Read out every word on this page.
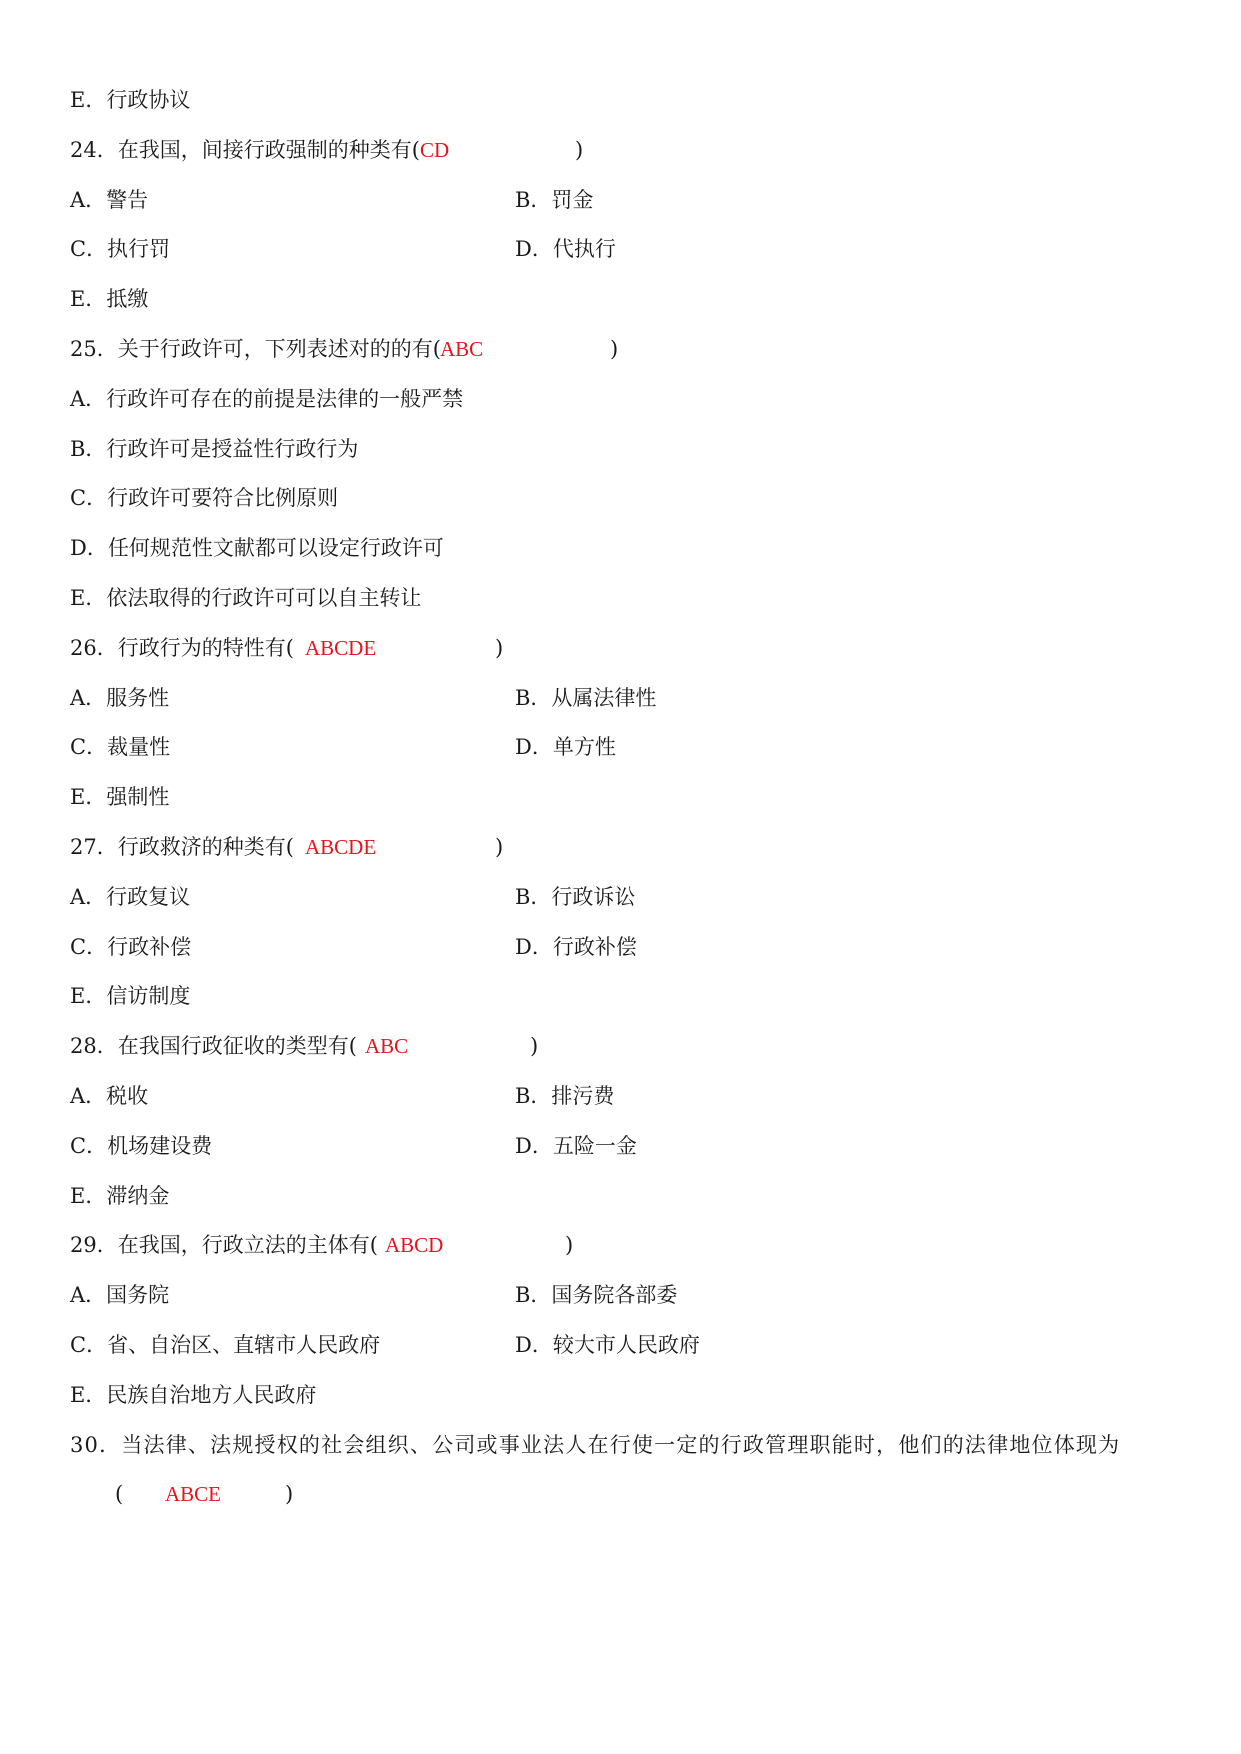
E．行政协议
24．在我国，间接行政强制的种类有( CD	)
A．警告	B．罚金
C．执行罚	D．代执行
E．抵缴
25．关于行政许可，下列表述对的的有( ABC	)
A．行政许可存在的前提是法律的一般严禁
B．行政许可是授益性行政行为
C．行政许可要符合比例原则
D．任何规范性文献都可以设定行政许可
E．依法取得的行政许可可以自主转让
26．行政行为的特性有( ABCDE	)
A．服务性	B．从属法律性
C．裁量性	D．单方性
E．强制性
27．行政救济的种类有( ABCDE	)
A．行政复议	B．行政诉讼
C．行政补偿	D．行政补偿
E．信访制度
28．在我国行政征收的类型有( ABC	)
A．税收	B．排污费
C．机场建设费	D．五险一金
E．滞纳金
29．在我国，行政立法的主体有( ABCD	)
A．国务院	B．国务院各部委
C．省、自治区、直辖市人民政府	D．较大市人民政府
E．民族自治地方人民政府
30．当法律、法规授权的社会组织、公司或事业法人在行使一定的行政管理职能时，他们的法律地位体现为
( ABCE	)
